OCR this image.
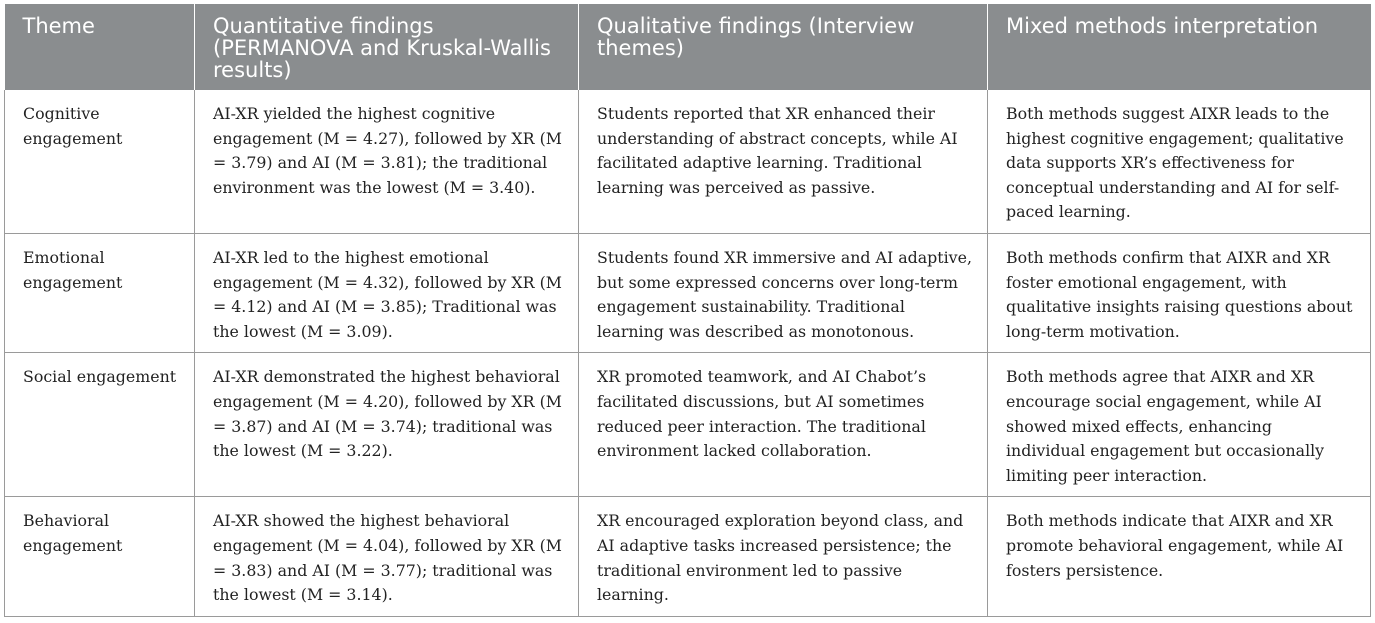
Theme	Quantitative findings (PERMANOVA and Kruskal-Wallis results)	Qualitative findings (Interview themes)	Mixed methods interpretation

Cognitive engagement	AI-XR yielded the highest cognitive engagement (M = 4.27), followed by XR (M = 3.79) and AI (M = 3.81); the traditional environment was the lowest (M = 3.40).	Students reported that XR enhanced their understanding of abstract concepts, while AI facilitated adaptive learning. Traditional learning was perceived as passive.	Both methods suggest AIXR leads to the highest cognitive engagement; qualitative data supports XR’s effectiveness for conceptual understanding and AI for self-paced learning.

Emotional engagement	AI-XR led to the highest emotional engagement (M = 4.32), followed by XR (M = 4.12) and AI (M = 3.85); Traditional was the lowest (M = 3.09).	Students found XR immersive and AI adaptive, but some expressed concerns over long-term engagement sustainability. Traditional learning was described as monotonous.	Both methods confirm that AIXR and XR foster emotional engagement, with qualitative insights raising questions about long-term motivation.

Social engagement	AI-XR demonstrated the highest behavioral engagement (M = 4.20), followed by XR (M = 3.87) and AI (M = 3.74); traditional was the lowest (M = 3.22).	XR promoted teamwork, and AI Chabot’s facilitated discussions, but AI sometimes reduced peer interaction. The traditional environment lacked collaboration.	Both methods agree that AIXR and XR encourage social engagement, while AI showed mixed effects, enhancing individual engagement but occasionally limiting peer interaction.

Behavioral engagement	AI-XR showed the highest behavioral engagement (M = 4.04), followed by XR (M = 3.83) and AI (M = 3.77); traditional was the lowest (M = 3.14).	XR encouraged exploration beyond class, and AI adaptive tasks increased persistence; the traditional environment led to passive learning.	Both methods indicate that AIXR and XR promote behavioral engagement, while AI fosters persistence.
